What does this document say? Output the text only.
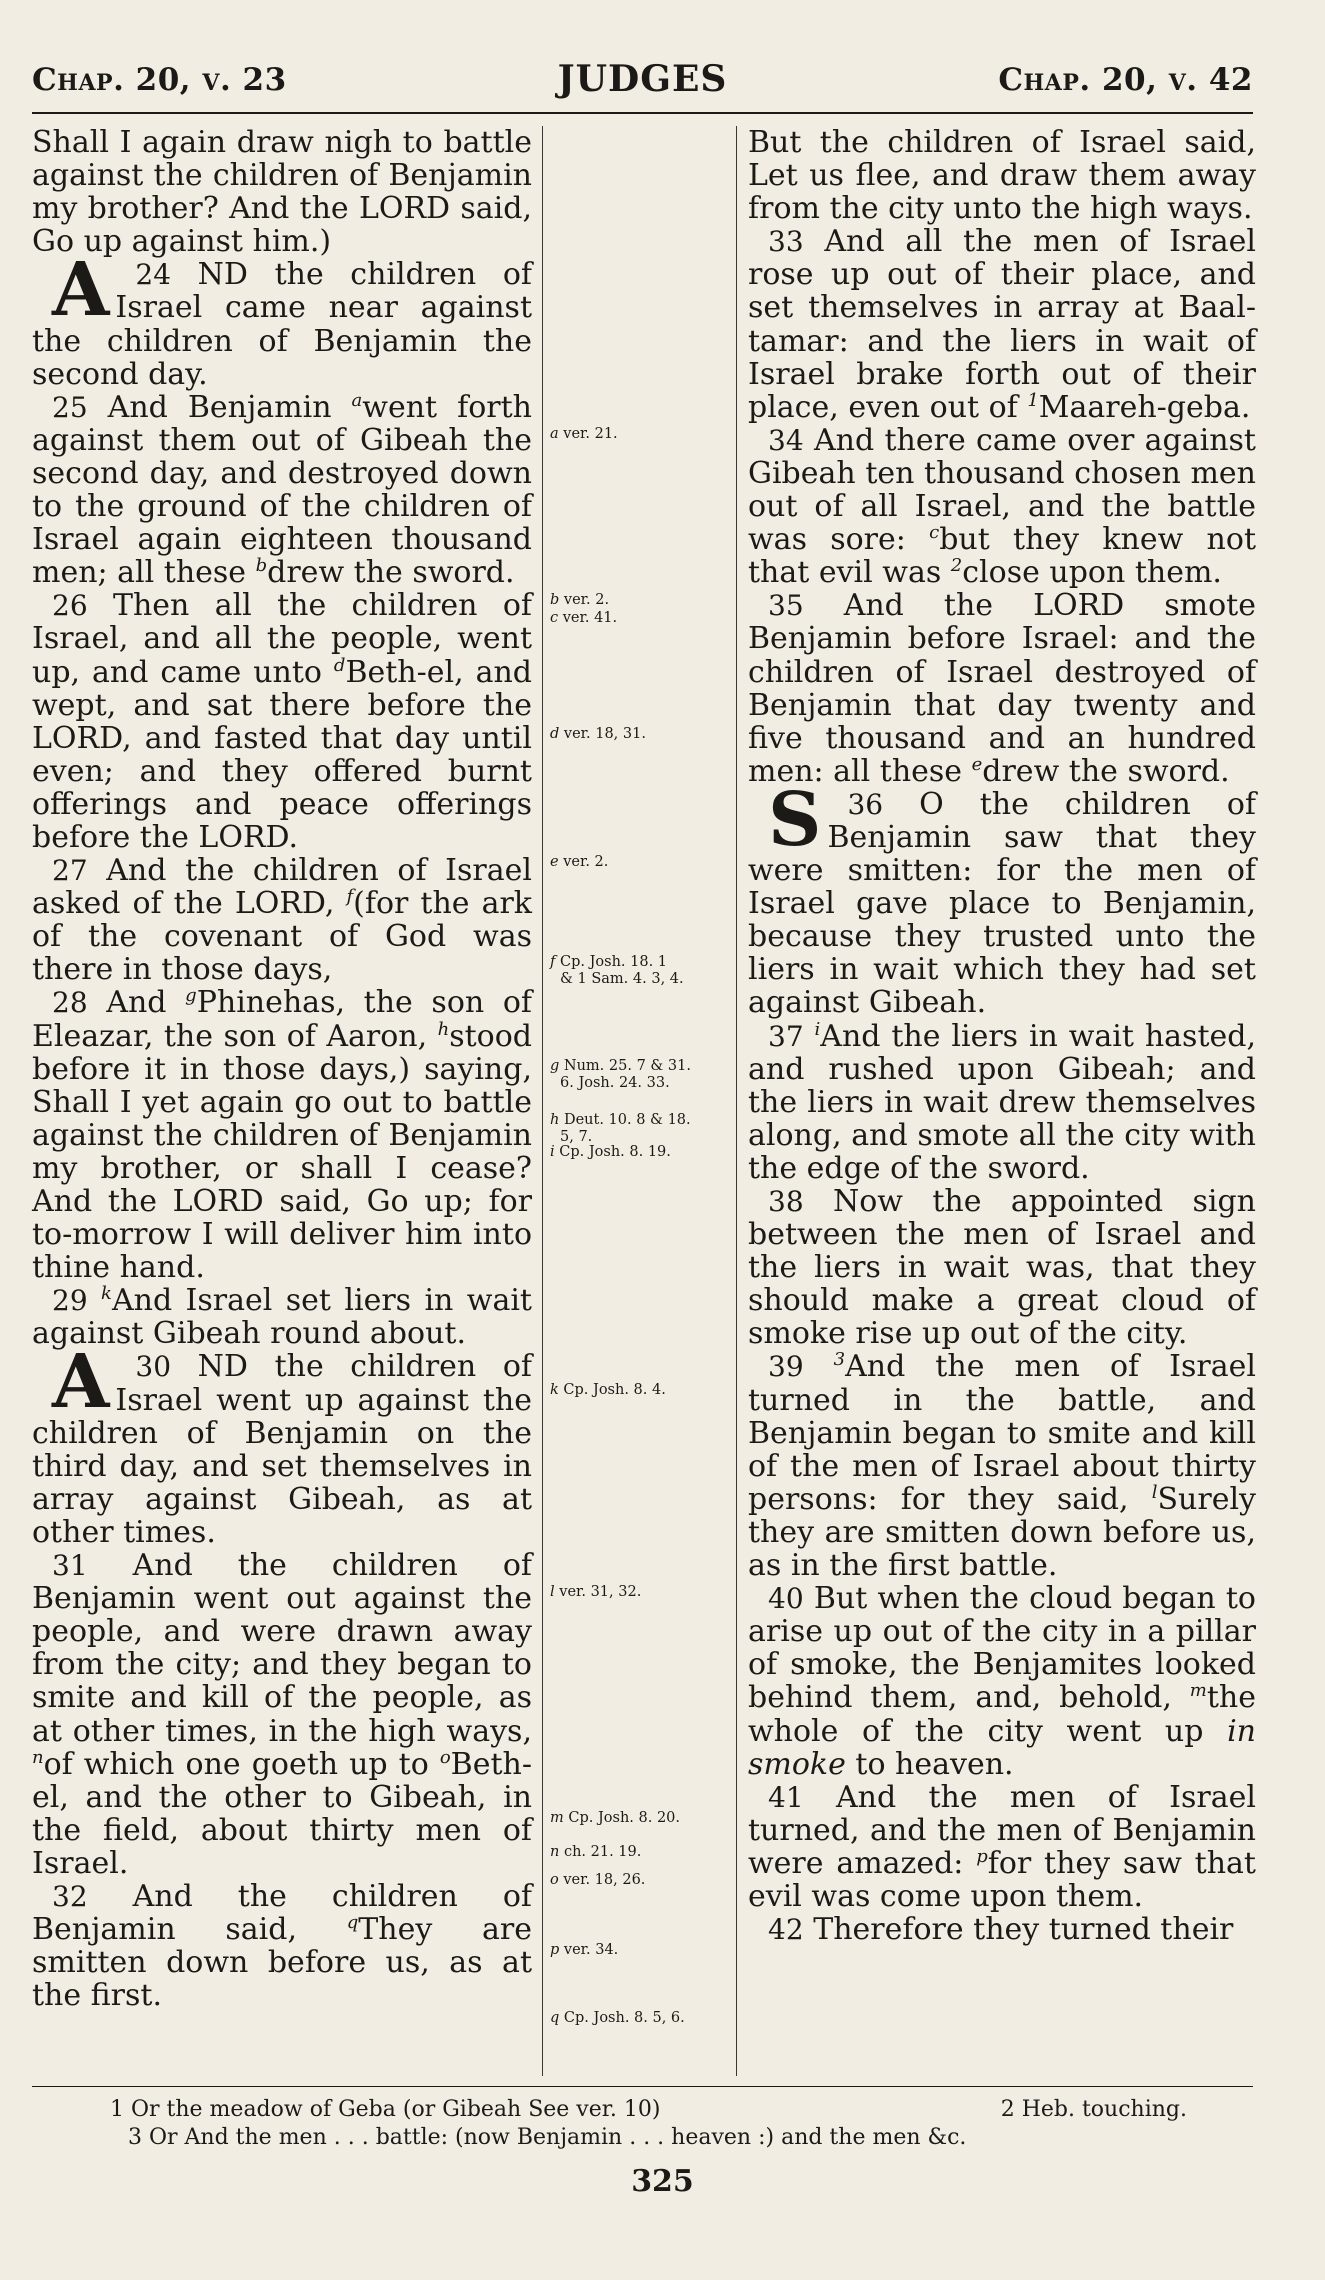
Chap. 20, v. 23	JUDGES	Chap. 20, v. 42

Shall I again draw nigh to battle against the children of Benjamin my brother? And the LORD said, Go up against him.)

24
A	ND the children of Israel came near against the children of Benjamin the second day.

25 And Benjamin $^a$went forth against them out of Gibeah the second day, and destroyed down to the ground of the children of Israel again eighteen thousand men; all these $^b$drew the sword.

26 Then all the children of Israel, and all the people, went up, and came unto $^d$Beth-el, and wept, and sat there before the LORD, and fasted that day until even; and they offered burnt offerings and peace offerings before the LORD.

27 And the children of Israel asked of the LORD, $^f$(for the ark of the covenant of God was there in those days,

28 And $^g$Phinehas, the son of Eleazar, the son of Aaron, $^h$stood before it in those days,) saying, Shall I yet again go out to battle against the children of Benjamin my brother, or shall I cease? And the LORD said, Go up; for to-morrow I will deliver him into thine hand.

29 $^k$And Israel set liers in wait against Gibeah round about.

30
A	ND the children of Israel went up against the children of Benjamin on the third day, and set themselves in array against Gibeah, as at other times.

31 And the children of Benjamin went out against the people, and were drawn away from the city; and they began to smite and kill of the people, as at other times, in the high ways, $^n$of which one goeth up to $^o$Beth-el, and the other to Gibeah, in the field, about thirty men of Israel.

32 And the children of Benjamin said,	$^q$They are smitten down before us, as at the first.

a ver. 21.
b ver. 2.
c ver. 41.
d ver. 18, 31.
e ver. 2.
f Cp. Josh. 18. 1
& 1 Sam. 4. 3, 4.
g Num. 25. 7 & 31.
6. Josh. 24. 33.
h Deut. 10. 8 & 18.
5, 7.
i Cp. Josh. 8. 19.
k Cp. Josh. 8. 4.
l ver. 31, 32.
m Cp. Josh. 8. 20.
n ch. 21. 19.
o ver. 18, 26.
p ver. 34.
q Cp. Josh. 8. 5, 6.

But the children of Israel said, Let us flee, and draw them away from the city unto the high ways.

33 And all the men of Israel rose up out of their place, and set themselves in array at Baal-tamar: and the liers in wait of Israel brake forth out of their place, even out of $^1$Maareh-geba.

34 And there came over against Gibeah ten thousand chosen men out of all Israel, and the battle was sore: $^c$but they knew not that evil was $^2$close upon them.

35 And the LORD smote Benjamin before Israel: and the children of Israel destroyed of Benjamin that day twenty and five thousand and an hundred men: all these $^e$drew the sword.

36
S	O the children of Benjamin saw that they were smitten: for the men of Israel gave place to Benjamin, because they trusted unto the liers in wait which they had set against Gibeah.

37 $^i$And the liers in wait hasted, and rushed upon Gibeah; and the liers in wait drew themselves along, and smote all the city with the edge of the sword.

38 Now the appointed sign between the men of Israel and the liers in wait was, that they should make a great cloud of smoke rise up out of the city.

39 $^3$And the men of Israel turned in the battle, and Benjamin began to smite and kill of the men of Israel about thirty persons: for they said, $^l$Surely they are smitten down before us, as in the first battle.

40 But when the cloud began to arise up out of the city in a pillar of smoke, the Benjamites looked behind them, and, behold, $^m$the whole of the city went up in smoke to heaven.

41 And the men of Israel turned, and the men of Benjamin were amazed: $^p$for they saw that evil was come upon them.

42 Therefore they turned their

1 Or the meadow of Geba (or Gibeah See ver. 10)	2 Heb. touching.
3 Or And the men . . . battle: (now Benjamin . . . heaven :) and the men &c.
325
